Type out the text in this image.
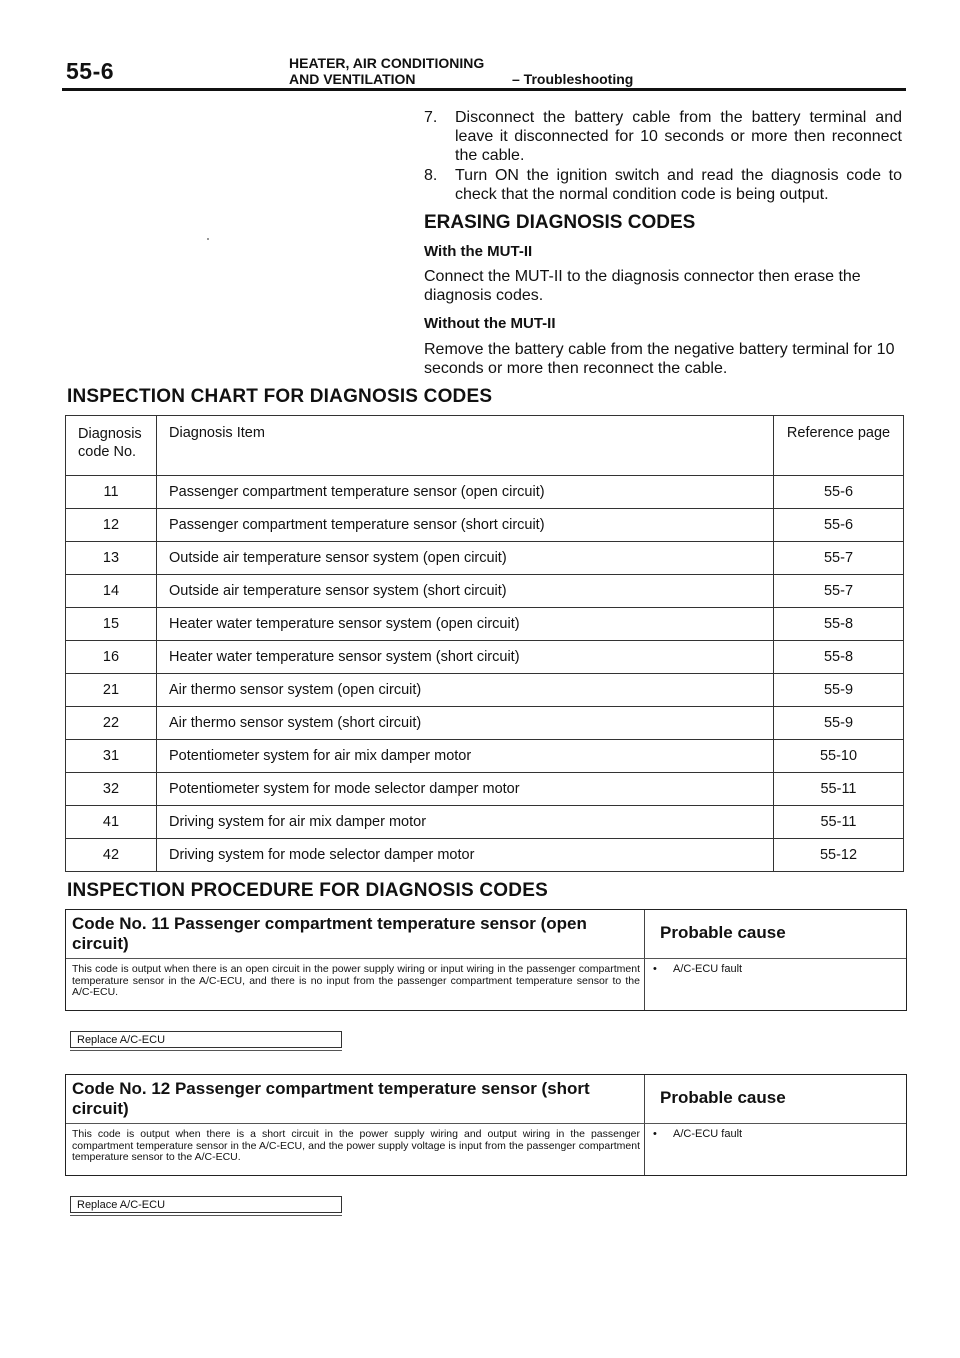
55-6	HEATER, AIR CONDITIONING
AND VENTILATION	– Troubleshooting
7.	Disconnect the battery cable from the battery terminal and leave it disconnected for 10 seconds or more then reconnect the cable.
8.	Turn ON the ignition switch and read the diagnosis code to check that the normal condition code is being output.
ERASING DIAGNOSIS CODES
With the MUT-II
Connect the MUT-II to the diagnosis connector then erase the diagnosis codes.
Without the MUT-II
Remove the battery cable from the negative battery terminal for 10 seconds or more then reconnect the cable.
INSPECTION CHART FOR DIAGNOSIS CODES
Diagnosis code No.	Diagnosis Item	Reference page
11	Passenger compartment temperature sensor (open circuit)	55-6
12	Passenger compartment temperature sensor (short circuit)	55-6
13	Outside air temperature sensor system (open circuit)	55-7
14	Outside air temperature sensor system (short circuit)	55-7
15	Heater water temperature sensor system (open circuit)	55-8
16	Heater water temperature sensor system (short circuit)	55-8
21	Air thermo sensor system (open circuit)	55-9
22	Air thermo sensor system (short circuit)	55-9
31	Potentiometer system for air mix damper motor	55-10
32	Potentiometer system for mode selector damper motor	55-11
41	Driving system for air mix damper motor	55-11
42	Driving system for mode selector damper motor	55-12
INSPECTION PROCEDURE FOR DIAGNOSIS CODES
Code No. 11 Passenger compartment temperature sensor (open circuit)
This code is output when there is an open circuit in the power supply wiring or input wiring in the passenger compartment temperature sensor in the A/C-ECU, and there is no input from the passenger compartment temperature sensor to the A/C-ECU.
Probable cause
• A/C-ECU fault
Replace A/C-ECU
Code No. 12 Passenger compartment temperature sensor (short circuit)
This code is output when there is a short circuit in the power supply wiring and output wiring in the passenger compartment temperature sensor in the A/C-ECU, and the power supply voltage is input from the passenger compartment temperature sensor to the A/C-ECU.
Probable cause
• A/C-ECU fault
Replace A/C-ECU
